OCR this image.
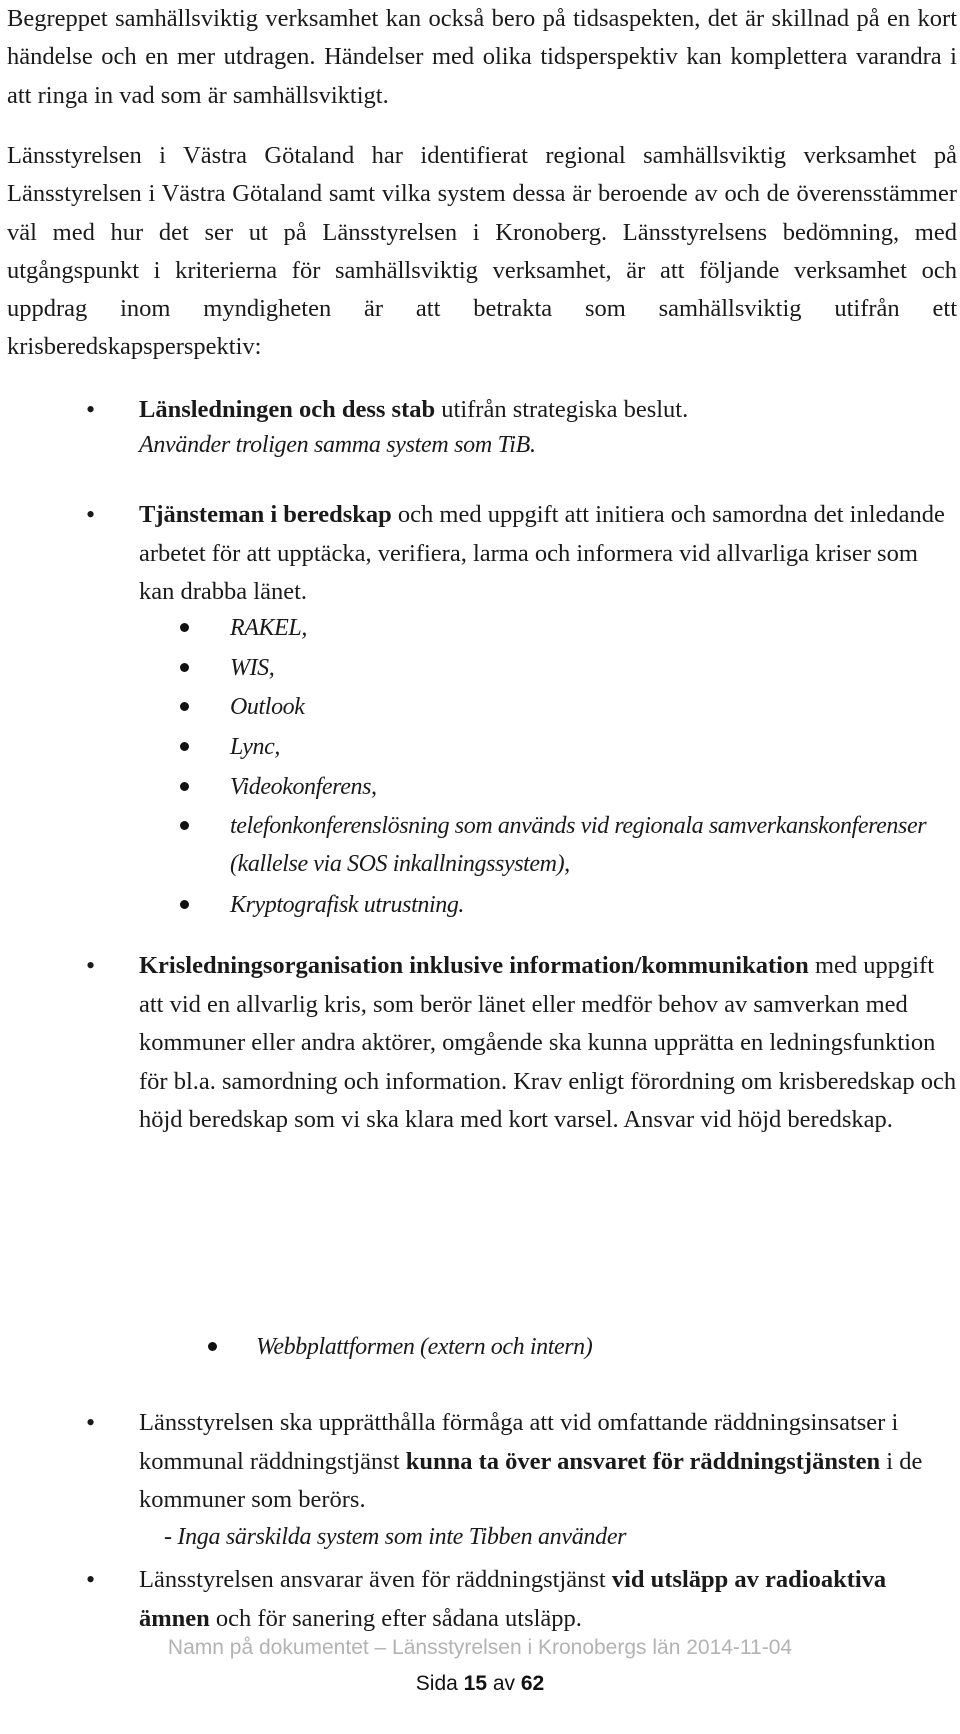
Begreppet samhällsviktig verksamhet kan också bero på tidsaspekten, det är skillnad på en kort händelse och en mer utdragen. Händelser med olika tidsperspektiv kan komplettera varandra i att ringa in vad som är samhällsviktigt.

Länsstyrelsen i Västra Götaland har identifierat regional samhällsviktig verksamhet på Länsstyrelsen i Västra Götaland samt vilka system dessa är beroende av och de överensstämmer väl med hur det ser ut på Länsstyrelsen i Kronoberg. Länsstyrelsens bedömning, med utgångspunkt i kriterierna för samhällsviktig verksamhet, är att följande verksamhet och uppdrag inom myndigheten är att betrakta som samhällsviktig utifrån ett krisberedskapsperspektiv:

• Länsledningen och dess stab utifrån strategiska beslut.

Använder troligen samma system som TiB.
• Tjänsteman i beredskap och med uppgift att initiera och samordna det inledande arbetet för att upptäcka, verifiera, larma och informera vid allvarliga kriser som kan drabba länet.

RAKEL,

WIS,

Outlook

Lync,

Videokonferens,

telefonkonferenslösning som används vid regionala samverkanskonferenser (kallelse via SOS inkallningssystem),

Kryptografisk utrustning.

• Krisledningsorganisation inklusive information/kommunikation med uppgift att vid en allvarlig kris, som berör länet eller medför behov av samverkan med kommuner eller andra aktörer, omgående ska kunna upprätta en ledningsfunktion för bl.a. samordning och information. Krav enligt förordning om krisberedskap och höjd beredskap som vi ska klara med kort varsel. Ansvar vid höjd beredskap.

Webbplattformen (extern och intern)

• Länsstyrelsen ska upprätthålla förmåga att vid omfattande räddningsinsatser i kommunal räddningstjänst kunna ta över ansvaret för räddningstjänsten i de kommuner som berörs.

- Inga särskilda system som inte Tibben använder
• Länsstyrelsen ansvarar även för räddningstjänst vid utsläpp av radioaktiva ämnen och för sanering efter sådana utsläpp.

Namn på dokumentet – Länsstyrelsen i Kronobergs län 2014-11-04
Sida 15 av 62
